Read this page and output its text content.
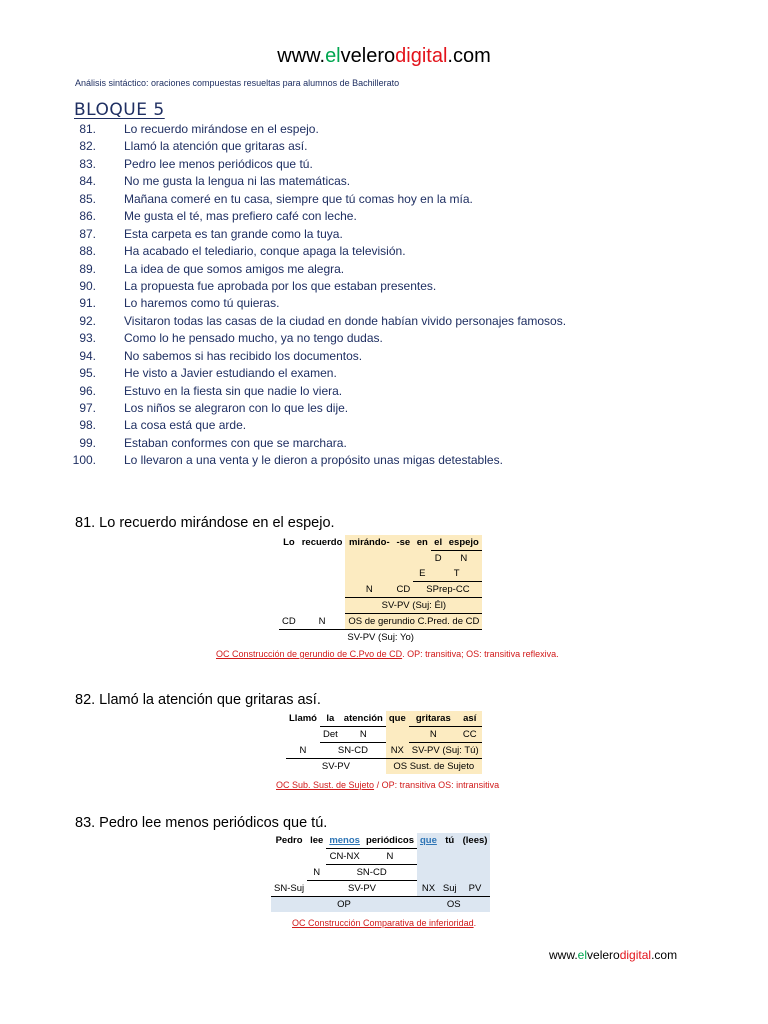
www.elvelerodigital.com
Análisis sintáctico: oraciones compuestas resueltas para alumnos de Bachillerato
BLOQUE 5
81. Lo recuerdo mirándose en el espejo.
82. Llamó la atención que gritaras así.
83. Pedro lee menos periódicos que tú.
84. No me gusta la lengua ni las matemáticas.
85. Mañana comeré en tu casa, siempre que tú comas hoy en la mía.
86. Me gusta el té, mas prefiero café con leche.
87. Esta carpeta es tan grande como la tuya.
88. Ha acabado el telediario, conque apaga la televisión.
89. La idea de que somos amigos me alegra.
90. La propuesta fue aprobada por los que estaban presentes.
91. Lo haremos como tú quieras.
92. Visitaron todas las casas de la ciudad en donde habían vivido personajes famosos.
93. Como lo he pensado mucho, ya no tengo dudas.
94. No sabemos si has recibido los documentos.
95. He visto a Javier estudiando el examen.
96. Estuvo en la fiesta sin que nadie lo viera.
97. Los niños se alegraron con lo que les dije.
98. La cosa está que arde.
99. Estaban conformes con que se marchara.
100. Lo llevaron a una venta y le dieron a propósito unas migas detestables.
81. Lo recuerdo mirándose en el espejo.
Lo	recuerdo	mirándo-	-se	en	el	espejo
					D	N
				E	T	
		N	CD	SPrep-CC		
		SV-PV (Suj: Él)				
CD	N	OS de gerundio C.Pred. de CD				
SV-PV (Suj: Yo)						
OC Construcción de gerundio de C.Pvo de CD. OP: transitiva; OS: transitiva reflexiva.
82. Llamó la atención que gritaras así.
Llamó	la	atención	que	gritaras	así
	Det	N		N	CC
N	SN-CD		NX	SV-PV (Suj: Tú)	
SV-PV			OS Sust. de Sujeto		
OC Sub. Sust. de Sujeto / OP: transitiva OS: intransitiva
83. Pedro lee menos periódicos que tú.
Pedro	lee	menos	periódicos	que	tú	(lees)
		CN-NX	N			
	N	SN-CD				
SN-Suj	SV-PV			NX	Suj	PV
OP				OS		
OC Construcción Comparativa de inferioridad.
www.elvelerodigital.com
